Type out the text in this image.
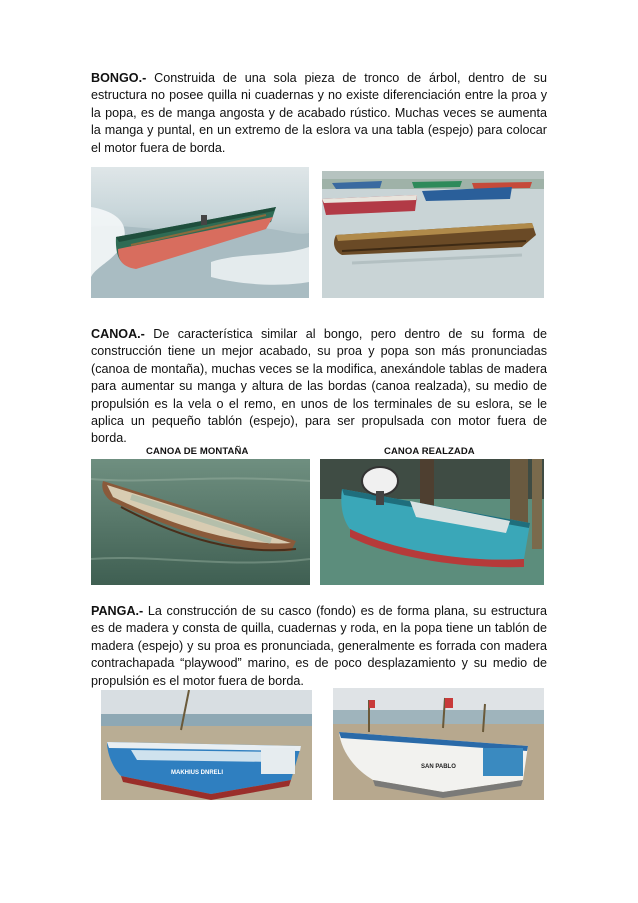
BONGO.- Construida de una sola pieza de tronco de árbol, dentro de su estructura no posee quilla ni cuadernas y no existe diferenciación entre la proa y la popa, es de manga angosta y de acabado rústico. Muchas veces se aumenta la manga y puntal, en un extremo de la eslora va una tabla (espejo) para colocar el motor fuera de borda.

CANOA.- De característica similar al bongo, pero dentro de su forma de construcción tiene un mejor acabado, su proa y popa son más pronunciadas (canoa de montaña), muchas veces se la modifica, anexándole tablas de madera para aumentar su manga y altura de las bordas (canoa realzada), su medio de propulsión es la vela o el remo, en unos de los terminales de su eslora, se le aplica un pequeño tablón (espejo), para ser propulsada con motor fuera de borda.

CANOA DE MONTAÑA	CANOA REALZADA

PANGA.- La construcción de su casco (fondo) es de forma plana, su estructura es de madera y consta de quilla, cuadernas y roda, en la popa tiene un tablón de madera (espejo) y su proa es pronunciada, generalmente es forrada con madera contrachapada “playwood” marino, es de poco desplazamiento y su medio de propulsión es el motor fuera de borda.

MAKHIUS DNRELI
SAN PABLO
